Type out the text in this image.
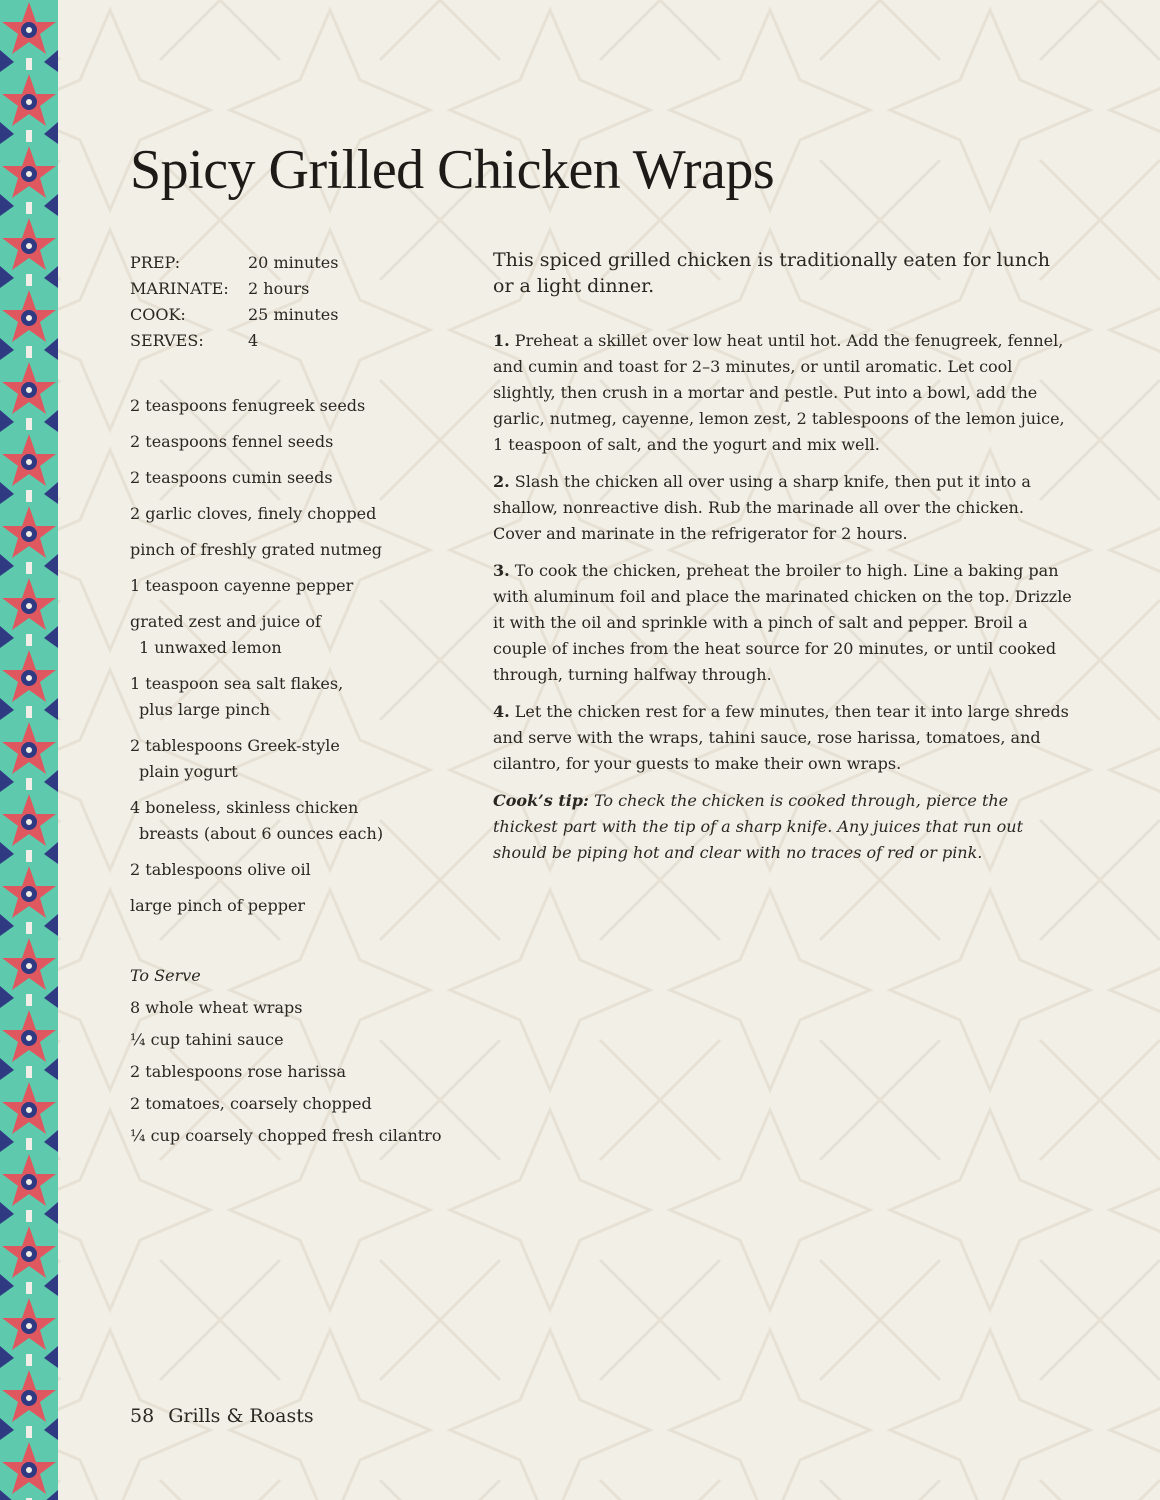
Spicy Grilled Chicken Wraps
PREP:	20 minutes
MARINATE:	2 hours
COOK:	25 minutes
SERVES:	4
2 teaspoons fenugreek seeds
2 teaspoons fennel seeds
2 teaspoons cumin seeds
2 garlic cloves, finely chopped
pinch of freshly grated nutmeg
1 teaspoon cayenne pepper
grated zest and juice of 1 unwaxed lemon
1 teaspoon sea salt flakes, plus large pinch
2 tablespoons Greek-style plain yogurt
4 boneless, skinless chicken breasts (about 6 ounces each)
2 tablespoons olive oil
large pinch of pepper
To Serve
8 whole wheat wraps
¼ cup tahini sauce
2 tablespoons rose harissa
2 tomatoes, coarsely chopped
¼ cup coarsely chopped fresh cilantro
This spiced grilled chicken is traditionally eaten for lunch or a light dinner.

1. Preheat a skillet over low heat until hot. Add the fenugreek, fennel, and cumin and toast for 2–3 minutes, or until aromatic. Let cool slightly, then crush in a mortar and pestle. Put into a bowl, add the garlic, nutmeg, cayenne, lemon zest, 2 tablespoons of the lemon juice, 1 teaspoon of salt, and the yogurt and mix well.

2. Slash the chicken all over using a sharp knife, then put it into a shallow, nonreactive dish. Rub the marinade all over the chicken. Cover and marinate in the refrigerator for 2 hours.

3. To cook the chicken, preheat the broiler to high. Line a baking pan with aluminum foil and place the marinated chicken on the top. Drizzle it with the oil and sprinkle with a pinch of salt and pepper. Broil a couple of inches from the heat source for 20 minutes, or until cooked through, turning halfway through.

4. Let the chicken rest for a few minutes, then tear it into large shreds and serve with the wraps, tahini sauce, rose harissa, tomatoes, and cilantro, for your guests to make their own wraps.

Cook’s tip: To check the chicken is cooked through, pierce the thickest part with the tip of a sharp knife. Any juices that run out should be piping hot and clear with no traces of red or pink.

58 Grills & Roasts
